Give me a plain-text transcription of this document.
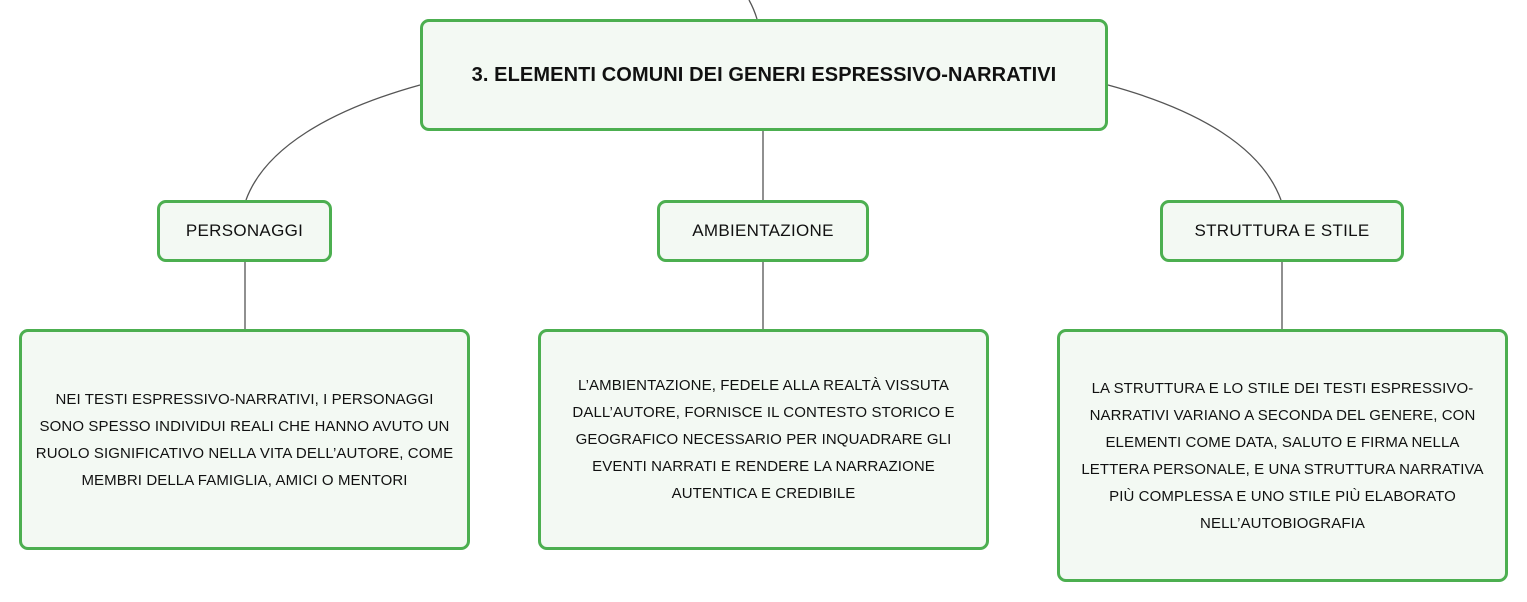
3. ELEMENTI COMUNI DEI GENERI ESPRESSIVO-NARRATIVI
PERSONAGGI	AMBIENTAZIONE	STRUTTURA E STILE
NEI TESTI ESPRESSIVO-NARRATIVI, I PERSONAGGI SONO SPESSO INDIVIDUI REALI CHE HANNO AVUTO UN RUOLO SIGNIFICATIVO NELLA VITA DELL’AUTORE, COME MEMBRI DELLA FAMIGLIA, AMICI O MENTORI
L’AMBIENTAZIONE, FEDELE ALLA REALTÀ VISSUTA DALL’AUTORE, FORNISCE IL CONTESTO STORICO E GEOGRAFICO NECESSARIO PER INQUADRARE GLI EVENTI NARRATI E RENDERE LA NARRAZIONE AUTENTICA E CREDIBILE
LA STRUTTURA E LO STILE DEI TESTI ESPRESSIVO-NARRATIVI VARIANO A SECONDA DEL GENERE, CON ELEMENTI COME DATA, SALUTO E FIRMA NELLA LETTERA PERSONALE, E UNA STRUTTURA NARRATIVA PIÙ COMPLESSA E UNO STILE PIÙ ELABORATO NELL’AUTOBIOGRAFIA
